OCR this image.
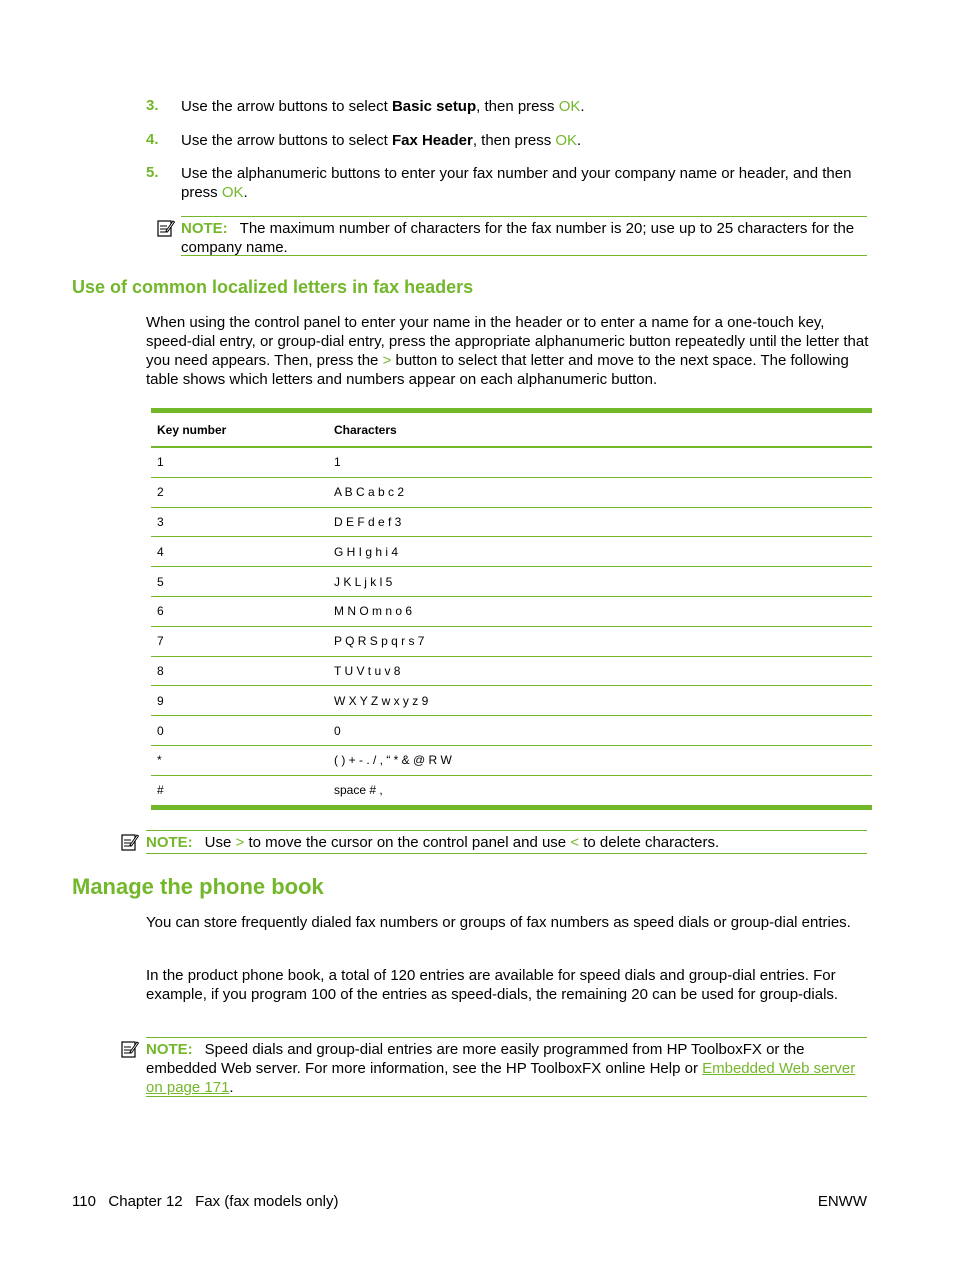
3. Use the arrow buttons to select Basic setup, then press OK.
4. Use the arrow buttons to select Fax Header, then press OK.
5. Use the alphanumeric buttons to enter your fax number and your company name or header, and then press OK.
NOTE: The maximum number of characters for the fax number is 20; use up to 25 characters for the company name.
Use of common localized letters in fax headers
When using the control panel to enter your name in the header or to enter a name for a one-touch key, speed-dial entry, or group-dial entry, press the appropriate alphanumeric button repeatedly until the letter that you need appears. Then, press the > button to select that letter and move to the next space. The following table shows which letters and numbers appear on each alphanumeric button.
Key number	Characters
1	1
2	A B C a b c 2
3	D E F d e f 3
4	G H I g h i 4
5	J K L j k l 5
6	M N O m n o 6
7	P Q R S p q r s 7
8	T U V t u v 8
9	W X Y Z w x y z 9
0	0
*	( ) + - . / , “ * & @ R W
#	space # ,
NOTE: Use > to move the cursor on the control panel and use < to delete characters.
Manage the phone book
You can store frequently dialed fax numbers or groups of fax numbers as speed dials or group-dial entries.
In the product phone book, a total of 120 entries are available for speed dials and group-dial entries. For example, if you program 100 of the entries as speed-dials, the remaining 20 can be used for group-dials.
NOTE: Speed dials and group-dial entries are more easily programmed from HP ToolboxFX or the embedded Web server. For more information, see the HP ToolboxFX online Help or Embedded Web server on page 171.
110   Chapter 12   Fax (fax models only)	ENWW
